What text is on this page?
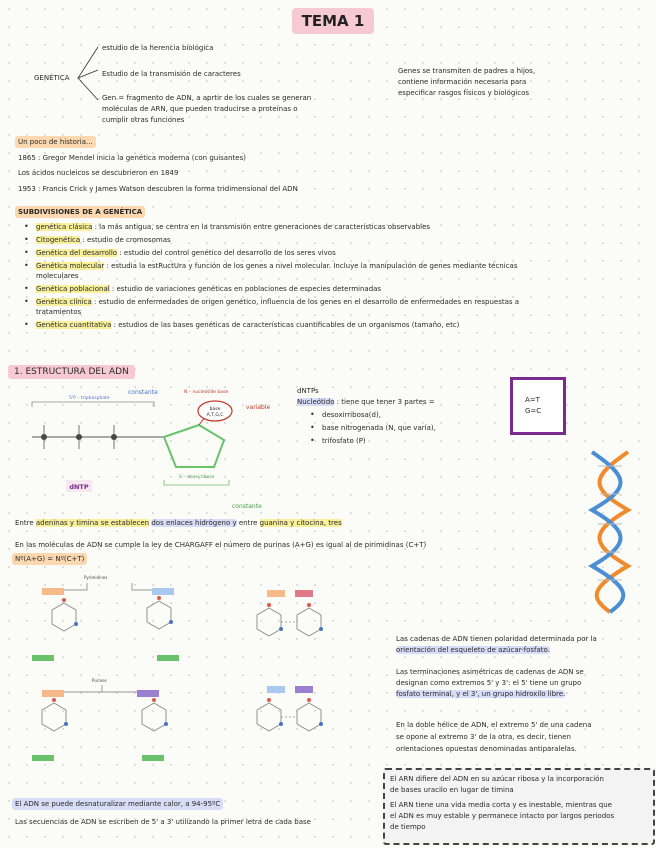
TEMA 1
GENÉTICA
estudio de la herencia biológica
Estudio de la transmisión de caracteres
Gen = fragmento de ADN, a aprtir de los cuales se generan
moléculas de ARN, que pueden traducirse a proteínas o
cumplir otras funciones
Genes se transmiten de padres a hijos,
contiene información necesaria para
especificar rasgos físicos y biológicos
Un poco de historia...
1865 : Gregor Mendel inicia la genética moderna (con guisantes)
Los ácidos nucleicos se descubrieron en 1849
1953 : Francis Crick y James Watson descubren la forma tridimensional del ADN
SUBDIVISIONES DE A GENÉTICA
• genética clásica : la más antigua, se centra en la transmisión entre generaciones de características observables
• Citogenética : estudio de cromosomas
• Genética del desarrollo : estudio del control genético del desarrollo de los seres vivos
• Genética molecular : estudia la estRuctUra y función de los genes a nivel molecular. Incluye la manipulación de genes mediante técnicas
moleculares
• Genética poblacional : estudio de variaciones genéticas en poblaciones de especies determinadas
• Genética clínica : estudio de enfermedades de origen genético, influencia de los genes en el desarrollo de enfermedades en respuestas a
tratamientos
• Genética cuantitativa : estudios de las bases genéticas de características cuantificables de un organismos (tamaño, etc)
1. ESTRUCTURA DEL ADN
base
A,T,G,C
dNTP
5'P – triphosphate
N – nucleotide base
S – deoxyribose
constante
variable
constante
dNTPs
Nucleótido : tiene que tener 3 partes =
• desoxirribosa(d),
• base nitrogenada (N, que varía),
• trifosfato (P)
A=T
G=C
Entre adeninas y timina se establecen dos enlaces hidrógeno y entre guanina y citocina, tres
En las moléculas de ADN se cumple la ley de CHARGAFF el número de purinas (A+G) es igual al de pirimidinas (C+T)
Nº(A+G) = Nº(C+T)
Pyrimidines
Purines
Las cadenas de ADN tienen polaridad determinada por la
orientación del esqueleto de azúcar-fosfato.
Las terminaciones asimétricas de cadenas de ADN se
designan como extremos 5' y 3': el 5' tiene un grupo
fosfato terminal, y el 3', un grupo hidroxilo libre.
En la doble hélice de ADN, el extremo 5' de una cadena
se opone al extremo 3' de la otra, es decir, tienen
orientaciones opuestas denominadas antiparalelas.
El ARN difiere del ADN en su azúcar ribosa y la incorporación
de bases uracilo en lugar de timina
El ARN tiene una vida media corta y es inestable, mientras que
el ADN es muy estable y permanece intacto por largos periodos
de tiempo
El ADN se puede desnaturalizar mediante calor, a 94-95ºC
Las secuencias de ADN se escriben de 5' a 3' utilizando la primer letra de cada base
